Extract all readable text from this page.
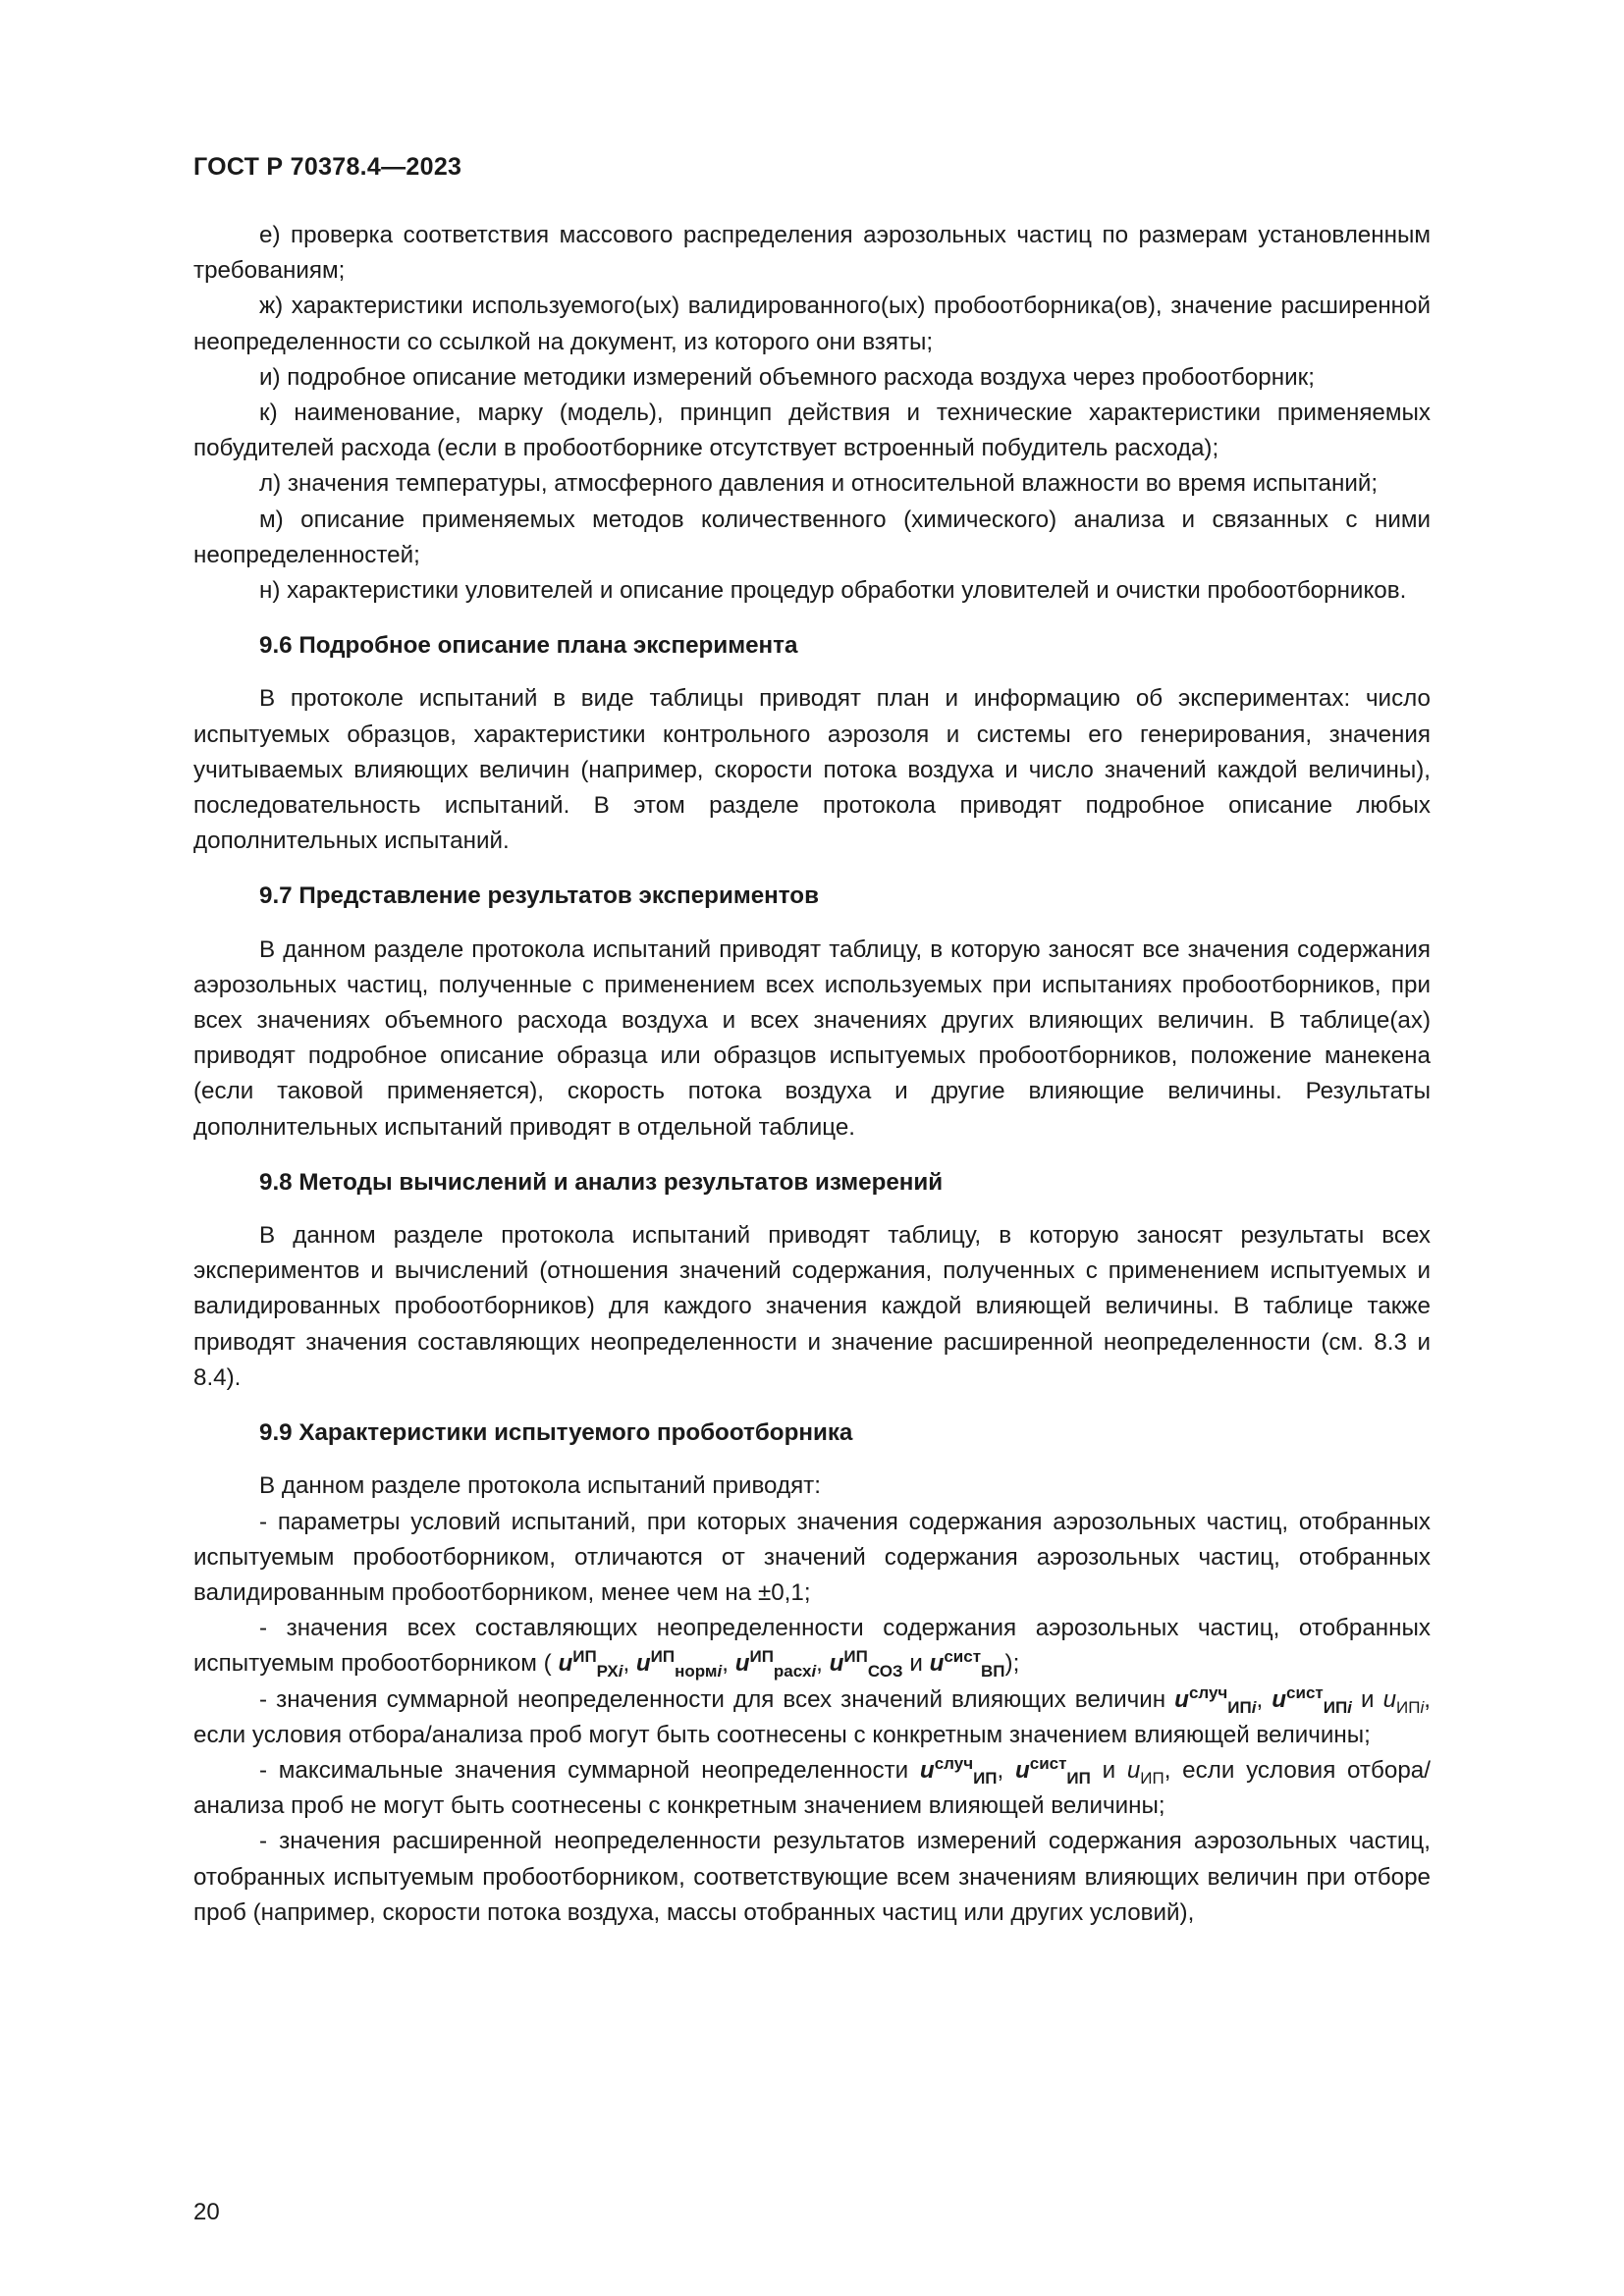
ГОСТ Р 70378.4—2023

е) проверка соответствия массового распределения аэрозольных частиц по размерам установленным требованиям;

ж) характеристики используемого(ых) валидированного(ых) пробоотборника(ов), значение расширенной неопределенности со ссылкой на документ, из которого они взяты;

и) подробное описание методики измерений объемного расхода воздуха через пробоотборник;

к) наименование, марку (модель), принцип действия и технические характеристики применяемых побудителей расхода (если в пробоотборнике отсутствует встроенный побудитель расхода);

л) значения температуры, атмосферного давления и относительной влажности во время испытаний;

м) описание применяемых методов количественного (химического) анализа и связанных с ними неопределенностей;

н) характеристики уловителей и описание процедур обработки уловителей и очистки пробоотборников.

9.6 Подробное описание плана эксперимента

В протоколе испытаний в виде таблицы приводят план и информацию об экспериментах: число испытуемых образцов, характеристики контрольного аэрозоля и системы его генерирования, значения учитываемых влияющих величин (например, скорости потока воздуха и число значений каждой величины), последовательность испытаний. В этом разделе протокола приводят подробное описание любых дополнительных испытаний.

9.7 Представление результатов экспериментов

В данном разделе протокола испытаний приводят таблицу, в которую заносят все значения содержания аэрозольных частиц, полученные с применением всех используемых при испытаниях пробоотборников, при всех значениях объемного расхода воздуха и всех значениях других влияющих величин. В таблице(ах) приводят подробное описание образца или образцов испытуемых пробоотборников, положение манекена (если таковой применяется), скорость потока воздуха и другие влияющие величины. Результаты дополнительных испытаний приводят в отдельной таблице.

9.8 Методы вычислений и анализ результатов измерений

В данном разделе протокола испытаний приводят таблицу, в которую заносят результаты всех экспериментов и вычислений (отношения значений содержания, полученных с применением испытуемых и валидированных пробоотборников) для каждого значения каждой влияющей величины. В таблице также приводят значения составляющих неопределенности и значение расширенной неопределенности (см. 8.3 и 8.4).

9.9 Характеристики испытуемого пробоотборника

В данном разделе протокола испытаний приводят:

- параметры условий испытаний, при которых значения содержания аэрозольных частиц, отобранных испытуемым пробоотборником, отличаются от значений содержания аэрозольных частиц, отобранных валидированным пробоотборником, менее чем на ±0,1;

- значения всех составляющих неопределенности содержания аэрозольных частиц, отобранных испытуемым пробоотборником ( $u^{ИП}_{РХi}$, $u^{ИП}_{нормi}$, $u^{ИП}_{расхi}$, $u^{ИП}_{СОЗ}$ и $u^{сист}_{ВП}$);

- значения суммарной неопределенности для всех значений влияющих величин $u^{случ}_{ИПi}$, $u^{сист}_{ИПi}$ и $u_{ИПi}$, если условия отбора/анализа проб могут быть соотнесены с конкретным значением влияющей величины;

- максимальные значения суммарной неопределенности $u^{случ}_{ИП}$, $u^{сист}_{ИП}$ и $u_{ИП}$, если условия отбора/анализа проб не могут быть соотнесены с конкретным значением влияющей величины;

- значения расширенной неопределенности результатов измерений содержания аэрозольных частиц, отобранных испытуемым пробоотборником, соответствующие всем значениям влияющих величин при отборе проб (например, скорости потока воздуха, массы отобранных частиц или других условий),

20
